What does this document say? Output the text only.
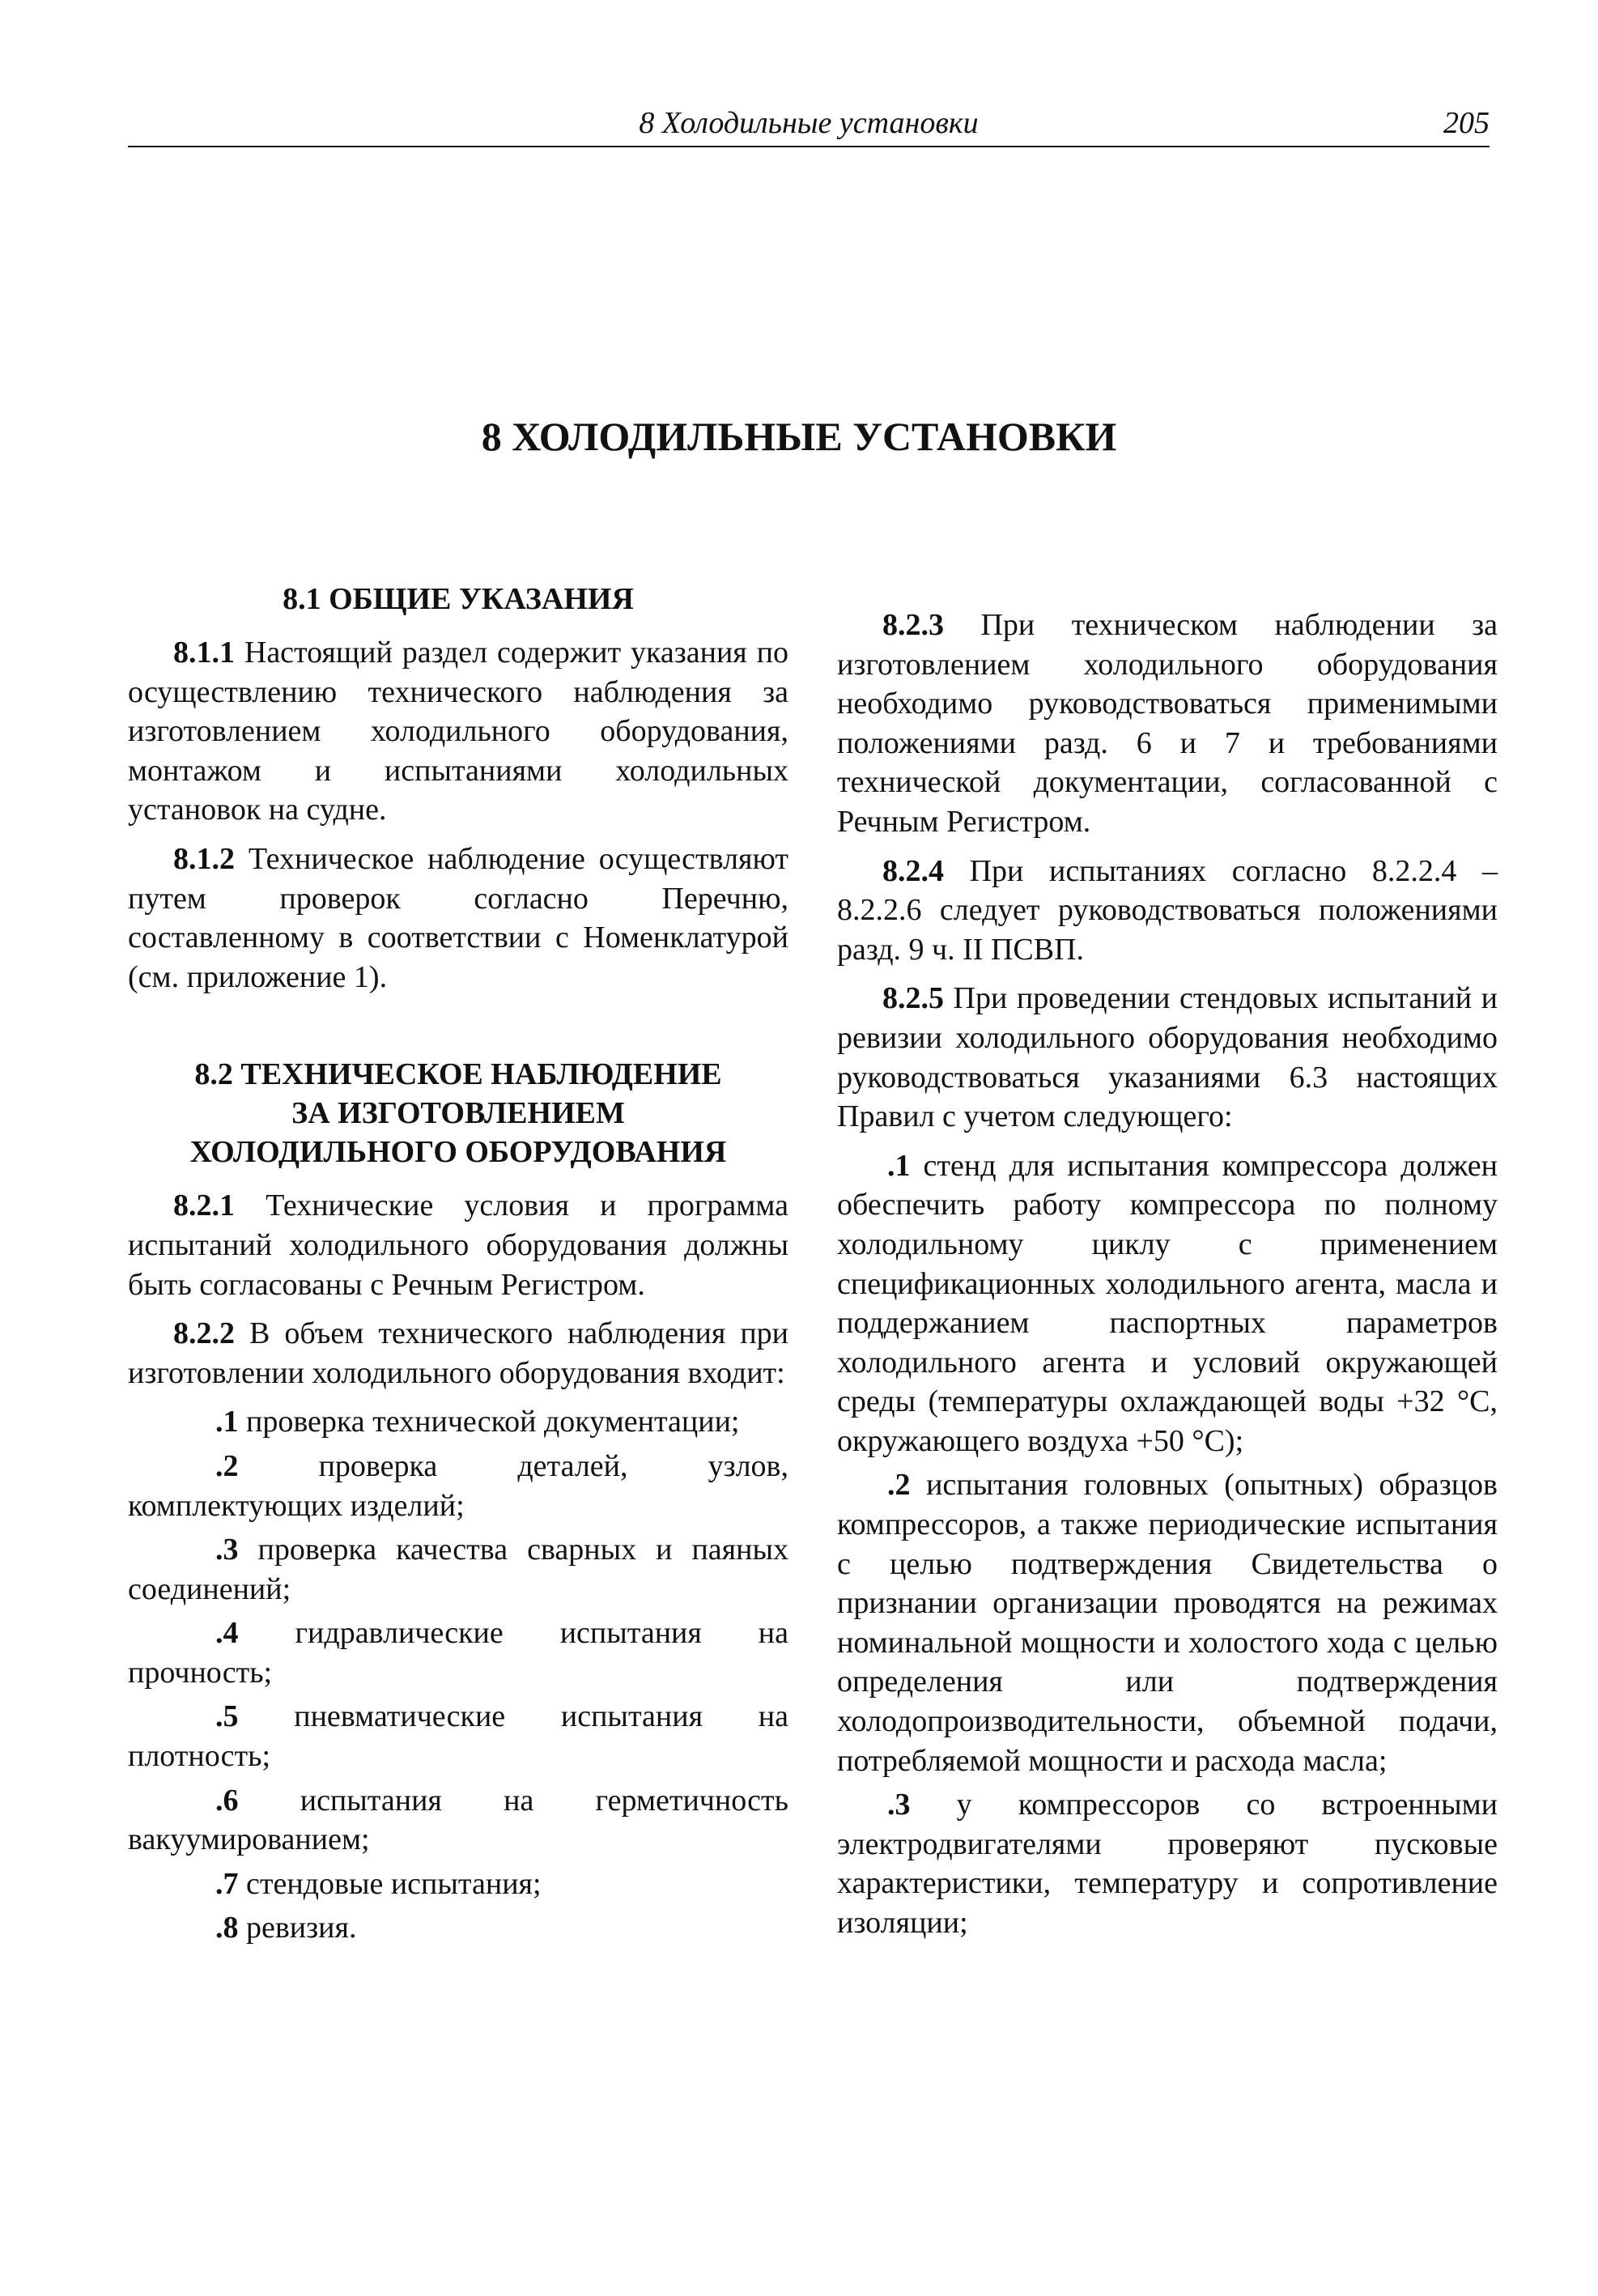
8 Холодильные установки	205
8 ХОЛОДИЛЬНЫЕ УСТАНОВКИ

8.1 ОБЩИЕ УКАЗАНИЯ

8.1.1 Настоящий раздел содержит указания по осуществлению технического наблюдения за изготовлением холодильного оборудования, монтажом и испытаниями холодильных установок на судне.

8.1.2 Техническое наблюдение осуществляют путем проверок согласно Перечню, составленному в соответствии с Номенклатурой (см. приложение 1).

8.2 ТЕХНИЧЕСКОЕ НАБЛЮДЕНИЕ
ЗА ИЗГОТОВЛЕНИЕМ
ХОЛОДИЛЬНОГО ОБОРУДОВАНИЯ

8.2.1 Технические условия и программа испытаний холодильного оборудования должны быть согласованы с Речным Регистром.

8.2.2 В объем технического наблюдения при изготовлении холодильного оборудования входит:

.1 проверка технической документации;

.2 проверка деталей, узлов, комплектующих изделий;

.3 проверка качества сварных и паяных соединений;

.4 гидравлические испытания на прочность;

.5 пневматические испытания на плотность;

.6 испытания на герметичность вакуумированием;

.7 стендовые испытания;

.8 ревизия.

8.2.3 При техническом наблюдении за изготовлением холодильного оборудования необходимо руководствоваться применимыми положениями разд. 6 и 7 и требованиями технической документации, согласованной с Речным Регистром.

8.2.4 При испытаниях согласно 8.2.2.4 – 8.2.2.6 следует руководствоваться положениями разд. 9 ч. II ПСВП.

8.2.5 При проведении стендовых испытаний и ревизии холодильного оборудования необходимо руководствоваться указаниями 6.3 настоящих Правил с учетом следующего:

.1 стенд для испытания компрессора должен обеспечить работу компрессора по полному холодильному циклу с применением спецификационных холодильного агента, масла и поддержанием паспортных параметров холодильного агента и условий окружающей среды (температуры охлаждающей воды +32 °С, окружающего воздуха +50 °С);

.2 испытания головных (опытных) образцов компрессоров, а также периодические испытания с целью подтверждения Свидетельства о признании организации проводятся на режимах номинальной мощности и холостого хода с целью определения или подтверждения холодопроизводительности, объемной подачи, потребляемой мощности и расхода масла;

.3 у компрессоров со встроенными электродвигателями проверяют пусковые характеристики, температуру и сопротивление изоляции;
